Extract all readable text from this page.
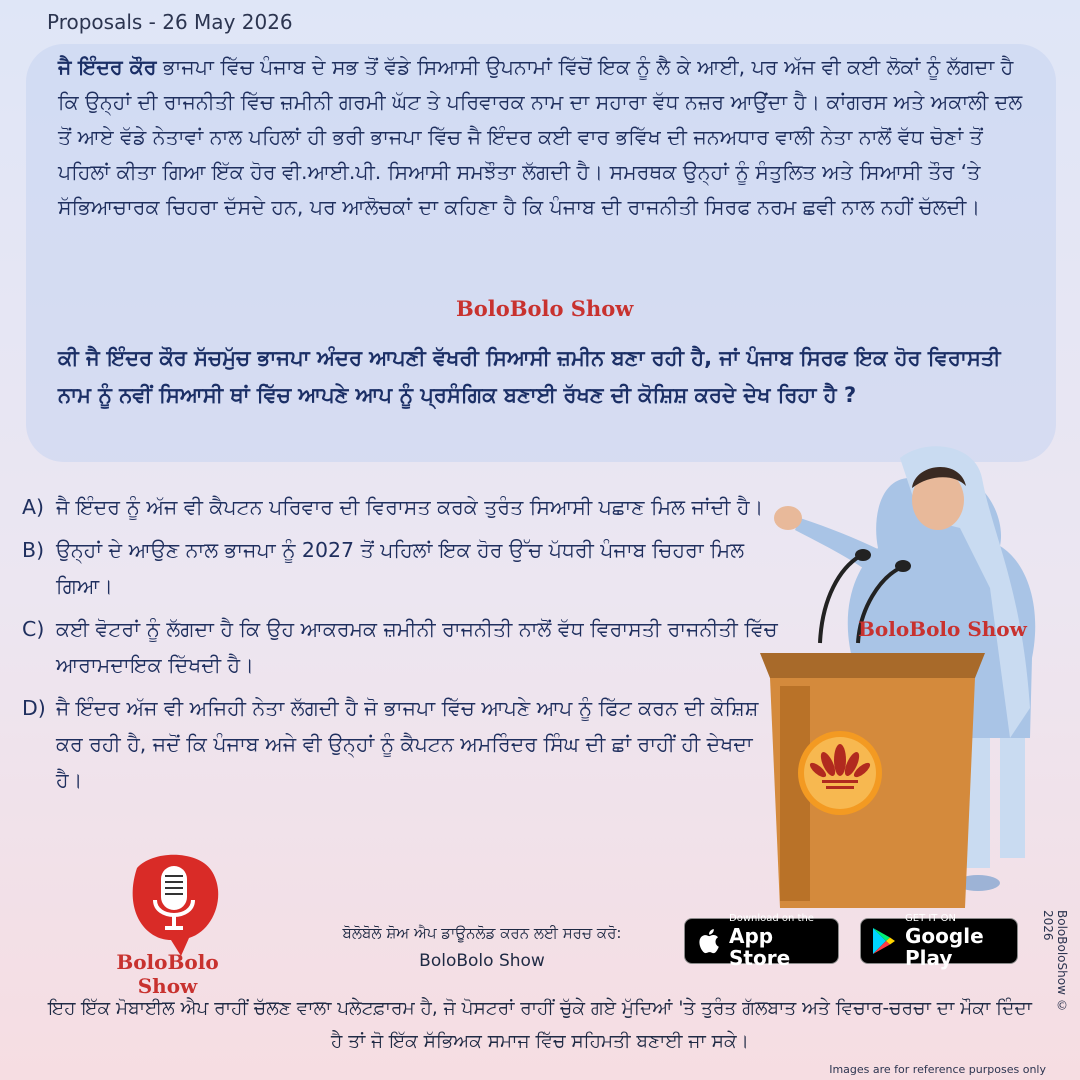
Proposals - 26 May 2026
ਜੈ ਇੰਦਰ ਕੌਰ ਭਾਜਪਾ ਵਿੱਚ ਪੰਜਾਬ ਦੇ ਸਭ ਤੋਂ ਵੱਡੇ ਸਿਆਸੀ ਉਪਨਾਮਾਂ ਵਿੱਚੋਂ ਇਕ ਨੂੰ ਲੈ ਕੇ ਆਈ, ਪਰ ਅੱਜ ਵੀ ਕਈ ਲੋਕਾਂ ਨੂੰ ਲੱਗਦਾ ਹੈ ਕਿ ਉਨ੍ਹਾਂ ਦੀ ਰਾਜਨੀਤੀ ਵਿੱਚ ਜ਼ਮੀਨੀ ਗਰਮੀ ਘੱਟ ਤੇ ਪਰਿਵਾਰਕ ਨਾਮ ਦਾ ਸਹਾਰਾ ਵੱਧ ਨਜ਼ਰ ਆਉਂਦਾ ਹੈ। ਕਾਂਗਰਸ ਅਤੇ ਅਕਾਲੀ ਦਲ ਤੋਂ ਆਏ ਵੱਡੇ ਨੇਤਾਵਾਂ ਨਾਲ ਪਹਿਲਾਂ ਹੀ ਭਰੀ ਭਾਜਪਾ ਵਿੱਚ ਜੈ ਇੰਦਰ ਕਈ ਵਾਰ ਭਵਿੱਖ ਦੀ ਜਨਅਧਾਰ ਵਾਲੀ ਨੇਤਾ ਨਾਲੋਂ ਵੱਧ ਚੋਣਾਂ ਤੋਂ ਪਹਿਲਾਂ ਕੀਤਾ ਗਿਆ ਇੱਕ ਹੋਰ ਵੀ.ਆਈ.ਪੀ. ਸਿਆਸੀ ਸਮਝੌਤਾ ਲੱਗਦੀ ਹੈ। ਸਮਰਥਕ ਉਨ੍ਹਾਂ ਨੂੰ ਸੰਤੁਲਿਤ ਅਤੇ ਸਿਆਸੀ ਤੌਰ ‘ਤੇ ਸੱਭਿਆਚਾਰਕ ਚਿਹਰਾ ਦੱਸਦੇ ਹਨ, ਪਰ ਆਲੋਚਕਾਂ ਦਾ ਕਹਿਣਾ ਹੈ ਕਿ ਪੰਜਾਬ ਦੀ ਰਾਜਨੀਤੀ ਸਿਰਫ ਨਰਮ ਛਵੀ ਨਾਲ ਨਹੀਂ ਚੱਲਦੀ।
BoloBolo Show
ਕੀ ਜੈ ਇੰਦਰ ਕੌਰ ਸੱਚਮੁੱਚ ਭਾਜਪਾ ਅੰਦਰ ਆਪਣੀ ਵੱਖਰੀ ਸਿਆਸੀ ਜ਼ਮੀਨ ਬਣਾ ਰਹੀ ਹੈ, ਜਾਂ ਪੰਜਾਬ ਸਿਰਫ ਇਕ ਹੋਰ ਵਿਰਾਸਤੀ ਨਾਮ ਨੂੰ ਨਵੀਂ ਸਿਆਸੀ ਥਾਂ ਵਿੱਚ ਆਪਣੇ ਆਪ ਨੂੰ ਪ੍ਰਸੰਗਿਕ ਬਣਾਈ ਰੱਖਣ ਦੀ ਕੋਸ਼ਿਸ਼ ਕਰਦੇ ਦੇਖ ਰਿਹਾ ਹੈ ?
A) ਜੈ ਇੰਦਰ ਨੂੰ ਅੱਜ ਵੀ ਕੈਪਟਨ ਪਰਿਵਾਰ ਦੀ ਵਿਰਾਸਤ ਕਰਕੇ ਤੁਰੰਤ ਸਿਆਸੀ ਪਛਾਣ ਮਿਲ ਜਾਂਦੀ ਹੈ।
B) ਉਨ੍ਹਾਂ ਦੇ ਆਉਣ ਨਾਲ ਭਾਜਪਾ ਨੂੰ 2027 ਤੋਂ ਪਹਿਲਾਂ ਇਕ ਹੋਰ ਉੱਚ ਪੱਧਰੀ ਪੰਜਾਬ ਚਿਹਰਾ ਮਿਲ ਗਿਆ।
C) ਕਈ ਵੋਟਰਾਂ ਨੂੰ ਲੱਗਦਾ ਹੈ ਕਿ ਉਹ ਆਕਰਮਕ ਜ਼ਮੀਨੀ ਰਾਜਨੀਤੀ ਨਾਲੋਂ ਵੱਧ ਵਿਰਾਸਤੀ ਰਾਜਨੀਤੀ ਵਿੱਚ ਆਰਾਮਦਾਇਕ ਦਿੱਖਦੀ ਹੈ।
D) ਜੈ ਇੰਦਰ ਅੱਜ ਵੀ ਅਜਿਹੀ ਨੇਤਾ ਲੱਗਦੀ ਹੈ ਜੋ ਭਾਜਪਾ ਵਿੱਚ ਆਪਣੇ ਆਪ ਨੂੰ ਫਿੱਟ ਕਰਨ ਦੀ ਕੋਸ਼ਿਸ਼ ਕਰ ਰਹੀ ਹੈ, ਜਦੋਂ ਕਿ ਪੰਜਾਬ ਅਜੇ ਵੀ ਉਨ੍ਹਾਂ ਨੂੰ ਕੈਪਟਨ ਅਮਰਿੰਦਰ ਸਿੰਘ ਦੀ ਛਾਂ ਰਾਹੀਂ ਹੀ ਦੇਖਦਾ ਹੈ।
BoloBolo Show
BoloBolo Show
ਬੋਲੋਬੋਲੋ ਸ਼ੋਅ ਐਪ ਡਾਊਨਲੋਡ ਕਰਨ ਲਈ ਸਰਚ ਕਰੋ:
BoloBolo Show
Download on the
App Store
GET IT ON
Google Play
ਇਹ ਇੱਕ ਮੋਬਾਈਲ ਐਪ ਰਾਹੀਂ ਚੱਲਣ ਵਾਲਾ ਪਲੇਟਫ਼ਾਰਮ ਹੈ, ਜੋ ਪੋਸਟਰਾਂ ਰਾਹੀਂ ਚੁੱਕੇ ਗਏ ਮੁੱਦਿਆਂ 'ਤੇ ਤੁਰੰਤ ਗੱਲਬਾਤ ਅਤੇ ਵਿਚਾਰ-ਚਰਚਾ ਦਾ ਮੌਕਾ ਦਿੰਦਾ ਹੈ ਤਾਂ ਜੋ ਇੱਕ ਸੱਭਿਅਕ ਸਮਾਜ ਵਿੱਚ ਸਹਿਮਤੀ ਬਣਾਈ ਜਾ ਸਕੇ।
BoloBoloShow © 2026
Images are for reference purposes only
